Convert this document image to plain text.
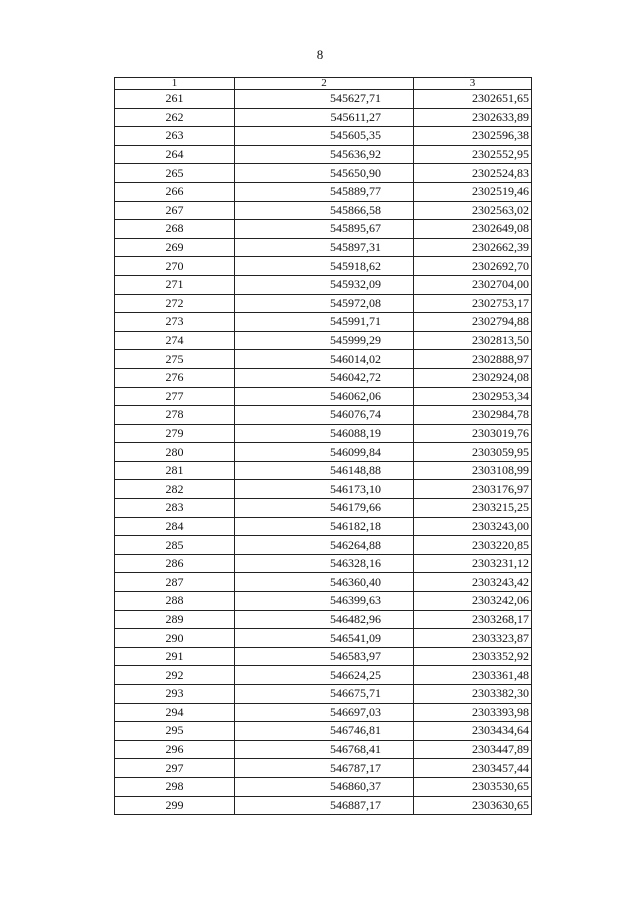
8
1	2	3
261	545627,71	2302651,65
262	545611,27	2302633,89
263	545605,35	2302596,38
264	545636,92	2302552,95
265	545650,90	2302524,83
266	545889,77	2302519,46
267	545866,58	2302563,02
268	545895,67	2302649,08
269	545897,31	2302662,39
270	545918,62	2302692,70
271	545932,09	2302704,00
272	545972,08	2302753,17
273	545991,71	2302794,88
274	545999,29	2302813,50
275	546014,02	2302888,97
276	546042,72	2302924,08
277	546062,06	2302953,34
278	546076,74	2302984,78
279	546088,19	2303019,76
280	546099,84	2303059,95
281	546148,88	2303108,99
282	546173,10	2303176,97
283	546179,66	2303215,25
284	546182,18	2303243,00
285	546264,88	2303220,85
286	546328,16	2303231,12
287	546360,40	2303243,42
288	546399,63	2303242,06
289	546482,96	2303268,17
290	546541,09	2303323,87
291	546583,97	2303352,92
292	546624,25	2303361,48
293	546675,71	2303382,30
294	546697,03	2303393,98
295	546746,81	2303434,64
296	546768,41	2303447,89
297	546787,17	2303457,44
298	546860,37	2303530,65
299	546887,17	2303630,65
